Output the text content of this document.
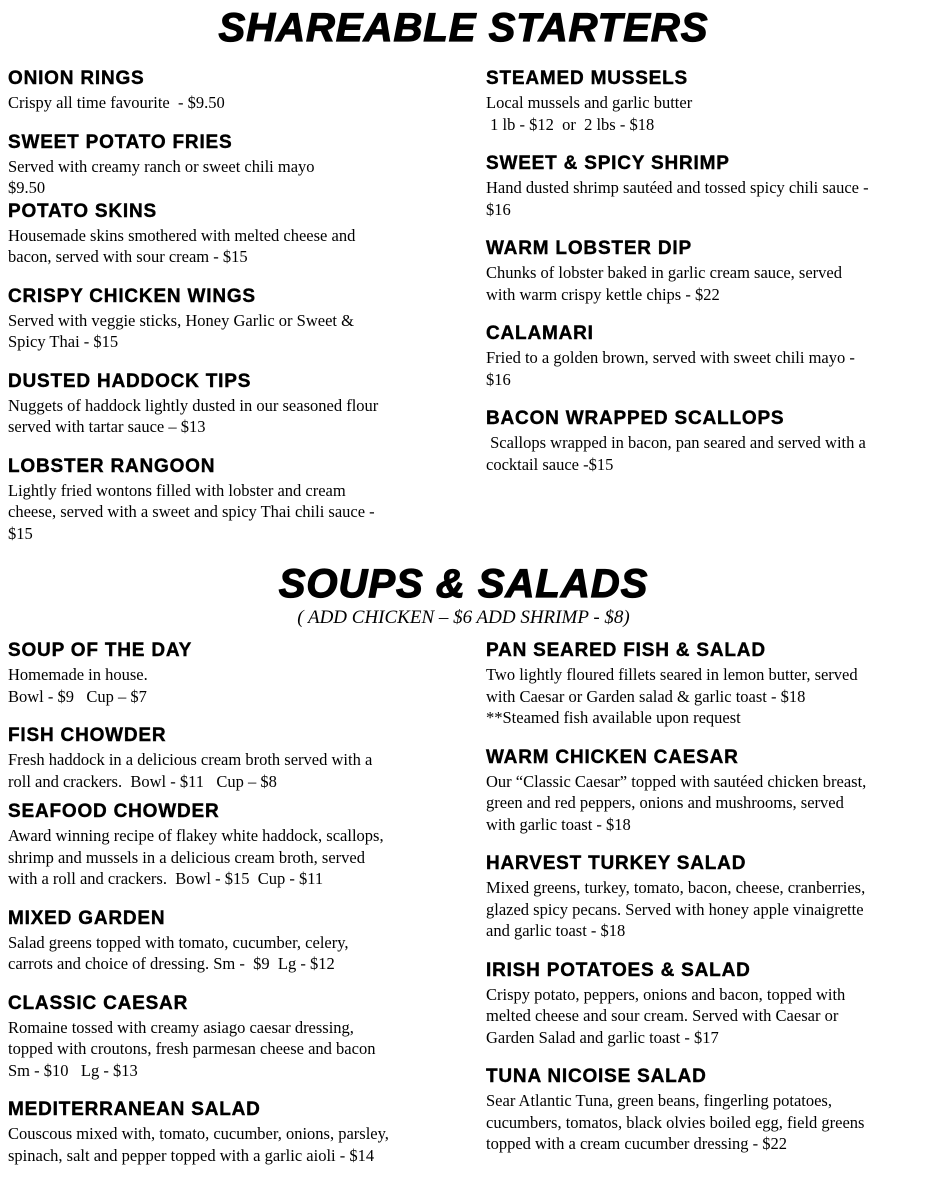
SHAREABLE STARTERS
ONION RINGS

Crispy all time favourite  - $9.50

SWEET POTATO FRIES

Served with creamy ranch or sweet chili mayo
$9.50

POTATO SKINS

Housemade skins smothered with melted cheese and
bacon, served with sour cream - $15

CRISPY CHICKEN WINGS

Served with veggie sticks, Honey Garlic or Sweet &
Spicy Thai - $15

DUSTED HADDOCK TIPS

Nuggets of haddock lightly dusted in our seasoned flour
served with tartar sauce – $13

LOBSTER RANGOON

Lightly fried wontons filled with lobster and cream
cheese, served with a sweet and spicy Thai chili sauce -
$15

STEAMED MUSSELS

Local mussels and garlic butter
1 lb - $12  or  2 lbs - $18

SWEET & SPICY SHRIMP

Hand dusted shrimp sautéed and tossed spicy chili sauce -
$16

WARM LOBSTER DIP

Chunks of lobster baked in garlic cream sauce, served
with warm crispy kettle chips - $22

CALAMARI

Fried to a golden brown, served with sweet chili mayo -
$16

BACON WRAPPED SCALLOPS

Scallops wrapped in bacon, pan seared and served with a
cocktail sauce -$15

SOUPS & SALADS

( ADD CHICKEN – $6 ADD SHRIMP - $8)

SOUP OF THE DAY

Homemade in house.
Bowl - $9   Cup – $7

FISH CHOWDER

Fresh haddock in a delicious cream broth served with a
roll and crackers.  Bowl - $11   Cup – $8

SEAFOOD CHOWDER

Award winning recipe of flakey white haddock, scallops,
shrimp and mussels in a delicious cream broth, served
with a roll and crackers.  Bowl - $15  Cup - $11

MIXED GARDEN

Salad greens topped with tomato, cucumber, celery,
carrots and choice of dressing. Sm -  $9  Lg - $12

CLASSIC CAESAR

Romaine tossed with creamy asiago caesar dressing,
topped with croutons, fresh parmesan cheese and bacon
Sm - $10   Lg - $13

MEDITERRANEAN SALAD

Couscous mixed with, tomato, cucumber, onions, parsley,
spinach, salt and pepper topped with a garlic aioli - $14

PAN SEARED FISH & SALAD

Two lightly floured fillets seared in lemon butter, served
with Caesar or Garden salad & garlic toast - $18
**Steamed fish available upon request

WARM CHICKEN CAESAR

Our “Classic Caesar” topped with sautéed chicken breast,
green and red peppers, onions and mushrooms, served
with garlic toast - $18

HARVEST TURKEY SALAD

Mixed greens, turkey, tomato, bacon, cheese, cranberries,
glazed spicy pecans. Served with honey apple vinaigrette
and garlic toast - $18

IRISH POTATOES & SALAD

Crispy potato, peppers, onions and bacon, topped with
melted cheese and sour cream. Served with Caesar or
Garden Salad and garlic toast - $17

TUNA NICOISE SALAD

Sear Atlantic Tuna, green beans, fingerling potatoes,
cucumbers, tomatos, black olvies boiled egg, field greens
topped with a cream cucumber dressing - $22
